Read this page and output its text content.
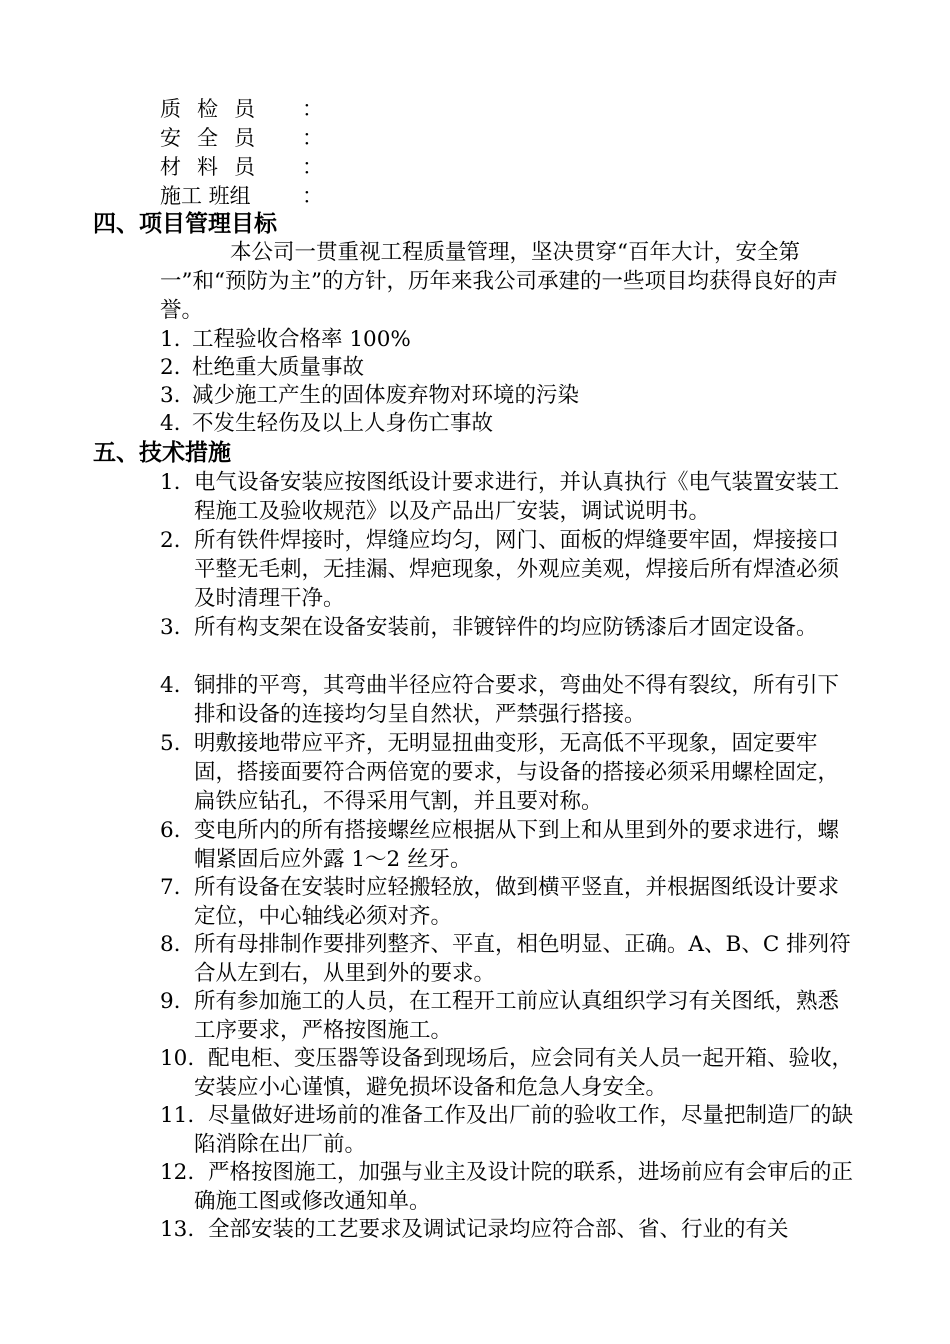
质检员 ：
安全员 ：
材料员 ：
施工 班组 ：
四、项目管理目标

本公司一贯重视工程质量管理，坚决贯穿“百年大计，安全第一”和“预防为主”的方针，历年来我公司承建的一些项目均获得良好的声誉。

1. 工程验收合格率 100%
2. 杜绝重大质量事故
3. 减少施工产生的固体废弃物对环境的污染
4. 不发生轻伤及以上人身伤亡事故
五、技术措施
1. 电气设备安装应按图纸设计要求进行，并认真执行《电气装置安装工程施工及验收规范》以及产品出厂安装，调试说明书。
2. 所有铁件焊接时，焊缝应均匀，网门、面板的焊缝要牢固，焊接接口平整无毛刺，无挂漏、焊疤现象，外观应美观，焊接后所有焊渣必须及时清理干净。
3. 所有构支架在设备安装前，非镀锌件的均应防锈漆后才固定设备。
4. 铜排的平弯，其弯曲半径应符合要求，弯曲处不得有裂纹，所有引下排和设备的连接均匀呈自然状，严禁强行搭接。
5. 明敷接地带应平齐，无明显扭曲变形，无高低不平现象，固定要牢固，搭接面要符合两倍宽的要求，与设备的搭接必须采用螺栓固定，扁铁应钻孔，不得采用气割，并且要对称。
6. 变电所内的所有搭接螺丝应根据从下到上和从里到外的要求进行，螺帽紧固后应外露 1～2 丝牙。
7. 所有设备在安装时应轻搬轻放，做到横平竖直，并根据图纸设计要求定位，中心轴线必须对齐。
8. 所有母排制作要排列整齐、平直，相色明显、正确。A、B、C 排列符合从左到右，从里到外的要求。
9. 所有参加施工的人员，在工程开工前应认真组织学习有关图纸，熟悉工序要求，严格按图施工。
10. 配电柜、变压器等设备到现场后，应会同有关人员一起开箱、验收，安装应小心谨慎，避免损坏设备和危急人身安全。
11. 尽量做好进场前的准备工作及出厂前的验收工作，尽量把制造厂的缺陷消除在出厂前。
12. 严格按图施工，加强与业主及设计院的联系，进场前应有会审后的正确施工图或修改通知单。
13. 全部安装的工艺要求及调试记录均应符合部、省、行业的有关
